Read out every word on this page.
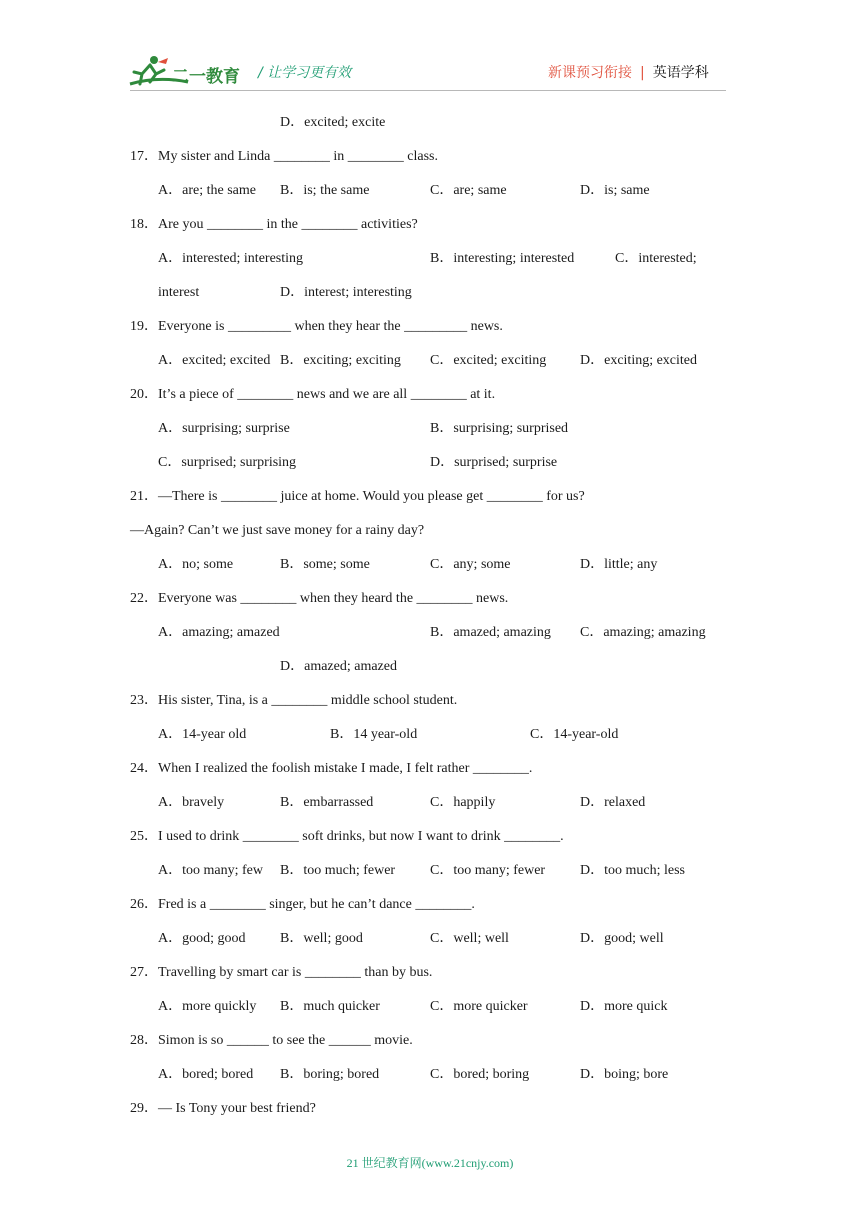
二一教育 / 让学习更有效	新课预习衔接 | 英语学科
D．excited; excite
17．My sister and Linda ________ in ________ class.
A．are; the same B．is; the same	C．are; same	D．is; same
18．Are you ________ in the ________ activities?
A．interested; interesting	B．interesting; interested	C．interested;
interest	D．interest; interesting
19．Everyone is _________ when they hear the _________ news.
A．excited; excited B．exciting; exciting C．excited; exciting D．exciting; excited
20．It’s a piece of ________ news and we are all ________ at it.
A．surprising; surprise	B．surprising; surprised
C．surprised; surprising	D．surprised; surprise
21．—There is ________ juice at home. Would you please get ________ for us?
—Again? Can’t we just save money for a rainy day?
A．no; some	B．some; some	C．any; some	D．little; any
22．Everyone was ________ when they heard the ________ news.
A．amazing; amazed	B．amazed; amazing C．amazing; amazing
D．amazed; amazed
23．His sister, Tina, is a ________ middle school student.
A．14-year old	B．14 year-old	C．14-year-old
24．When I realized the foolish mistake I made, I felt rather ________.
A．bravely	B．embarrassed	C．happily	D．relaxed
25．I used to drink ________ soft drinks, but now I want to drink ________.
A．too many; few B．too much; fewer C．too many; fewer D．too much; less
26．Fred is a ________ singer, but he can’t dance ________.
A．good; good B．well; good	C．well; well	D．good; well
27．Travelling by smart car is ________ than by bus.
A．more quickly B．much quicker	C．more quicker	D．more quick
28．Simon is so ______ to see the ______ movie.
A．bored; bored B．boring; bored	C．bored; boring	D．boing; bore
29．— Is Tony your best friend?
21 世纪教育网(www.21cnjy.com)
